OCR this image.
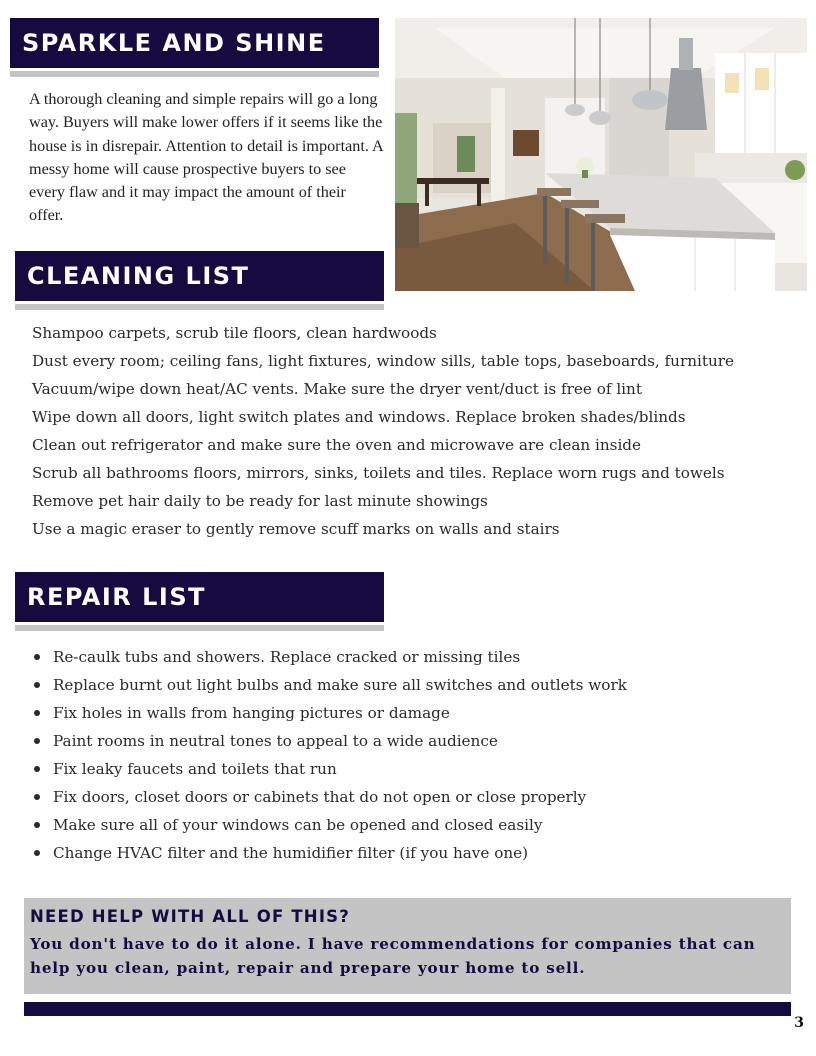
SPARKLE AND SHINE

A thorough cleaning and simple repairs will go a long way. Buyers will make lower offers if it seems like the house is in disrepair. Attention to detail is important. A messy home will cause prospective buyers to see every flaw and it may impact the amount of their offer.

CLEANING LIST
Shampoo carpets, scrub tile floors, clean hardwoods
Dust every room; ceiling fans, light fixtures, window sills, table tops, baseboards, furniture
Vacuum/wipe down heat/AC vents. Make sure the dryer vent/duct is free of lint
Wipe down all doors, light switch plates and windows. Replace broken shades/blinds
Clean out refrigerator and make sure the oven and microwave are clean inside
Scrub all bathrooms floors, mirrors, sinks, toilets and tiles. Replace worn rugs and towels
Remove pet hair daily to be ready for last minute showings
Use a magic eraser to gently remove scuff marks on walls and stairs
REPAIR LIST
Re-caulk tubs and showers. Replace cracked or missing tiles
Replace burnt out light bulbs and make sure all switches and outlets work
Fix holes in walls from hanging pictures or damage
Paint rooms in neutral tones to appeal to a wide audience
Fix leaky faucets and toilets that run
Fix doors, closet doors or cabinets that do not open or close properly
Make sure all of your windows can be opened and closed easily
Change HVAC filter and the humidifier filter (if you have one)

NEED HELP WITH ALL OF THIS?

You don't have to do it alone. I have recommendations for companies that can help you clean, paint, repair and prepare your home to sell.

3
